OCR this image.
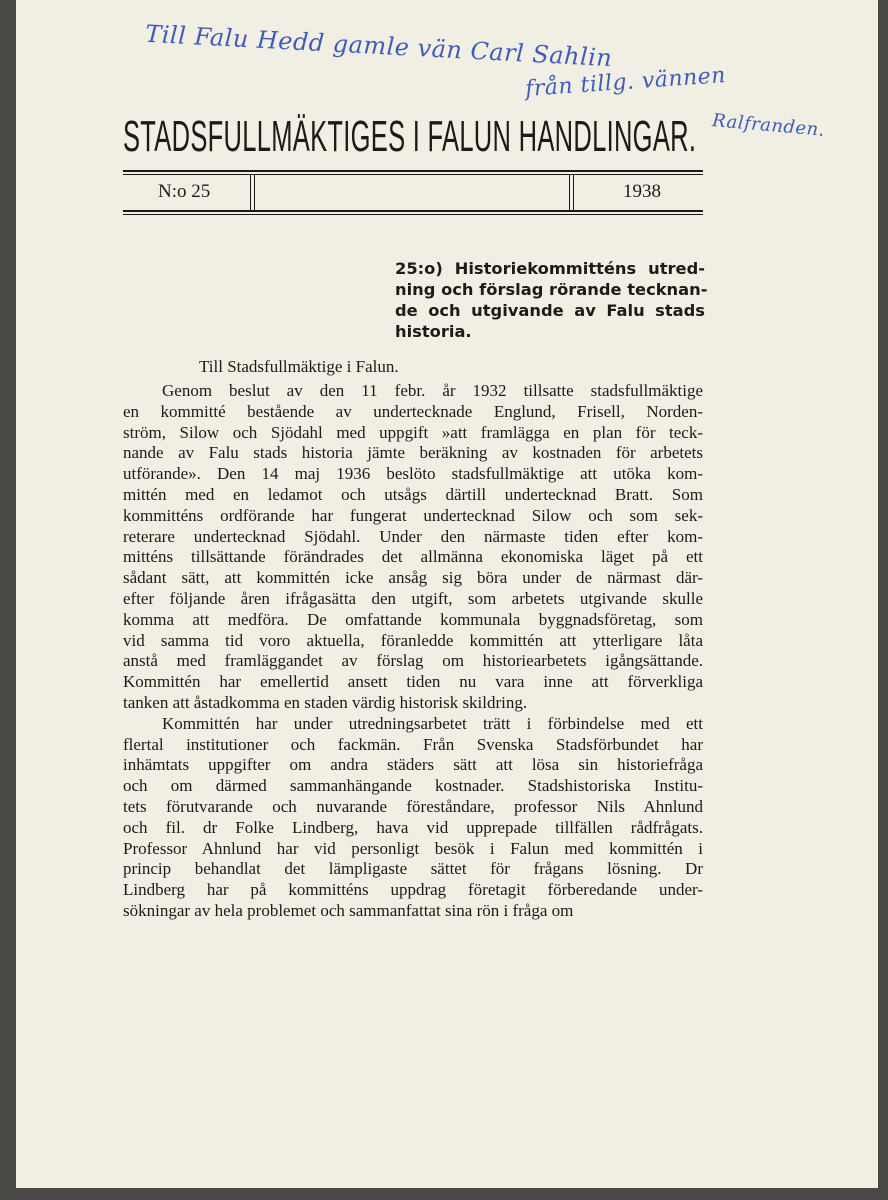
Till Falu Hedd gamle vän Carl Sahlin
från tillg. vännen
Ralfranden.
STADSFULLMÄKTIGES I FALUN HANDLINGAR.
N:o 25	1938
25:o) Historiekommitténs utred-
ning och förslag rörande tecknan-
de och utgivande av Falu stads
historia.
Till Stadsfullmäktige i Falun.
Genom beslut av den 11 febr. år 1932 tillsatte stadsfullmäktige
en kommitté bestående av undertecknade Englund, Frisell, Norden-
ström, Silow och Sjödahl med uppgift »att framlägga en plan för teck-
nande av Falu stads historia jämte beräkning av kostnaden för arbetets
utförande». Den 14 maj 1936 beslöto stadsfullmäktige att utöka kom-
mittén med en ledamot och utsågs därtill undertecknad Bratt. Som
kommitténs ordförande har fungerat undertecknad Silow och som sek-
reterare undertecknad Sjödahl. Under den närmaste tiden efter kom-
mitténs tillsättande förändrades det allmänna ekonomiska läget på ett
sådant sätt, att kommittén icke ansåg sig böra under de närmast där-
efter följande åren ifrågasätta den utgift, som arbetets utgivande skulle
komma att medföra. De omfattande kommunala byggnadsföretag, som
vid samma tid voro aktuella, föranledde kommittén att ytterligare låta
anstå med framläggandet av förslag om historiearbetets igångsättande.
Kommittén har emellertid ansett tiden nu vara inne att förverkliga
tanken att åstadkomma en staden värdig historisk skildring.
Kommittén har under utredningsarbetet trätt i förbindelse med ett
flertal institutioner och fackmän. Från Svenska Stadsförbundet har
inhämtats uppgifter om andra städers sätt att lösa sin historiefråga
och om därmed sammanhängande kostnader. Stadshistoriska Institu-
tets förutvarande och nuvarande föreståndare, professor Nils Ahnlund
och fil. dr Folke Lindberg, hava vid upprepade tillfällen rådfrågats.
Professor Ahnlund har vid personligt besök i Falun med kommittén i
princip behandlat det lämpligaste sättet för frågans lösning. Dr
Lindberg har på kommitténs uppdrag företagit förberedande under-
sökningar av hela problemet och sammanfattat sina rön i fråga om
